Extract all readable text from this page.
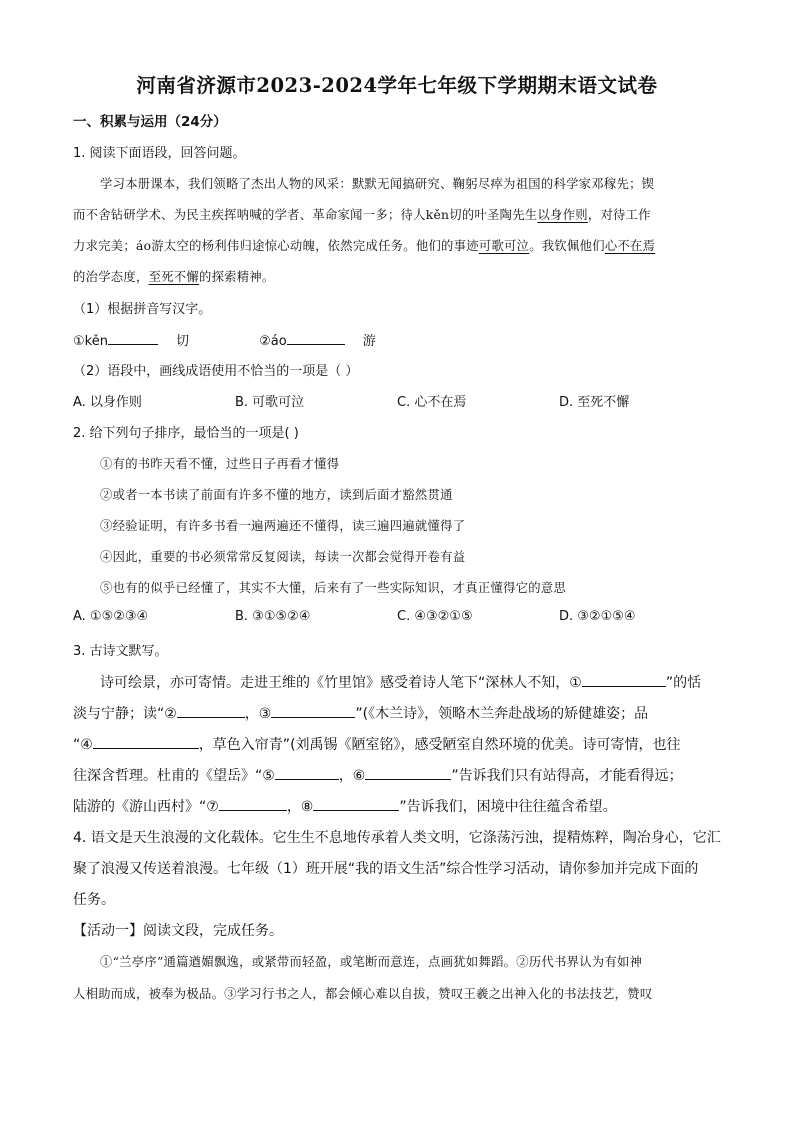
河南省济源市2023-2024学年七年级下学期期末语文试卷
一、积累与运用（24分）
1. 阅读下面语段，回答问题。
学习本册课本，我们领略了杰出人物的风采：默默无闻搞研究、鞠躬尽瘁为祖国的科学家邓稼先；锲
而不舍钻研学术、为民主疾挥呐喊的学者、革命家闻一多；待人kěn切的叶圣陶先生以身作则，对待工作
力求完美；áo游太空的杨利伟归途惊心动魄，依然完成任务。他们的事迹可歌可泣。我钦佩他们心不在焉
的治学态度，至死不懈的探索精神。
（1）根据拼音写汉字。
①kěn	切	②áo	游
（2）语段中，画线成语使用不恰当的一项是（ ）
A. 以身作则	B. 可歌可泣	C. 心不在焉	D. 至死不懈
2. 给下列句子排序，最恰当的一项是( )
①有的书昨天看不懂，过些日子再看才懂得
②或者一本书读了前面有许多不懂的地方，读到后面才豁然贯通
③经验证明，有许多书看一遍两遍还不懂得，读三遍四遍就懂得了
④因此，重要的书必须常常反复阅读，每读一次都会觉得开卷有益
⑤也有的似乎已经懂了，其实不大懂，后来有了一些实际知识，才真正懂得它的意思
A. ①⑤②③④	B. ③①⑤②④	C. ④③②①⑤	D. ③②①⑤④
3. 古诗文默写。
诗可绘景，亦可寄情。走进王维的《竹里馆》感受着诗人笔下“深林人不知，①	”的恬
淡与宁静；读“②	，③	”(《木兰诗》，领略木兰奔赴战场的矫健雄姿；品
“④	，草色入帘青”(刘禹锡《陋室铭》，感受陋室自然环境的优美。诗可寄情，也往
往深含哲理。杜甫的《望岳》“⑤	，⑥	”告诉我们只有站得高，才能看得远；
陆游的《游山西村》“⑦	，⑧	”告诉我们，困境中往往蕴含希望。
4. 语文是天生浪漫的文化载体。它生生不息地传承着人类文明，它涤荡污浊，提精炼粹，陶冶身心，它汇
聚了浪漫又传送着浪漫。七年级（1）班开展“我的语文生活”综合性学习活动，请你参加并完成下面的
任务。
【活动一】阅读文段，完成任务。
①“兰亭序”通篇遒媚飘逸，或紧带而轻盈，或笔断而意连，点画犹如舞蹈。②历代书界认为有如神
人相助而成，被奉为极品。③学习行书之人，都会倾心难以自拔，赞叹王羲之出神入化的书法技艺，赞叹
